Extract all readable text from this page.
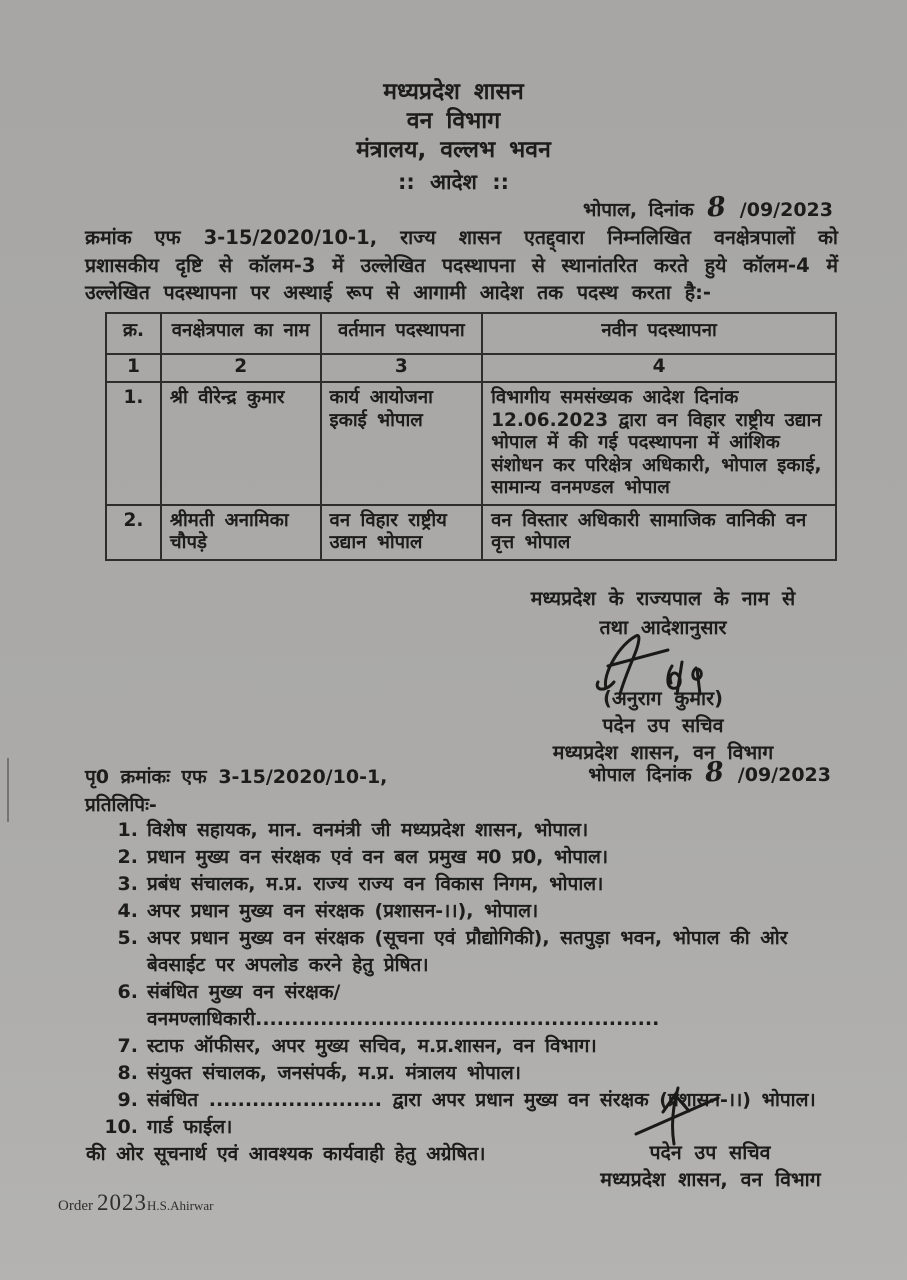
मध्यप्रदेश शासन
वन विभाग
मंत्रालय, वल्लभ भवन
:: आदेश ::
भोपाल, दिनांक 8 /09/2023
क्रमांक एफ 3-15/2020/10-1, राज्य शासन एतद्द्वारा निम्नलिखित वनक्षेत्रपालों को प्रशासकीय दृष्टि से कॉलम-3 में उल्लेखित पदस्थापना से स्थानांतरित करते हुये कॉलम-4 में उल्लेखित पदस्थापना पर अस्थाई रूप से आगामी आदेश तक पदस्थ करता है:-
क्र.	वनक्षेत्रपाल का नाम	वर्तमान पदस्थापना	नवीन पदस्थापना
1	2	3	4
1.	श्री वीरेन्द्र कुमार	कार्य आयोजना इकाई भोपाल	विभागीय समसंख्यक आदेश दिनांक 12.06.2023 द्वारा वन विहार राष्ट्रीय उद्यान भोपाल में की गई पदस्थापना में आंशिक संशोधन कर परिक्षेत्र अधिकारी, भोपाल इकाई, सामान्य वनमण्डल भोपाल
2.	श्रीमती अनामिका चौपड़े	वन विहार राष्ट्रीय उद्यान भोपाल	वन विस्तार अधिकारी सामाजिक वानिकी वन वृत्त भोपाल
मध्यप्रदेश के राज्यपाल के नाम से
तथा आदेशानुसार
(अनुराग कुमार)
पदेन उप सचिव
मध्यप्रदेश शासन, वन विभाग
पृ0 क्रमांकः एफ 3-15/2020/10-1,	भोपाल दिनांक 8 /09/2023
प्रतिलिपिः-
1. विशेष सहायक, मान. वनमंत्री जी मध्यप्रदेश शासन, भोपाल।
2. प्रधान मुख्य वन संरक्षक एवं वन बल प्रमुख म0 प्र0, भोपाल।
3. प्रबंध संचालक, म.प्र. राज्य राज्य वन विकास निगम, भोपाल।
4. अपर प्रधान मुख्य वन संरक्षक (प्रशासन-।।), भोपाल।
5. अपर प्रधान मुख्य वन संरक्षक (सूचना एवं प्रौद्योगिकी), सतपुड़ा भवन, भोपाल की ओर बेवसाईट पर अपलोड करने हेतु प्रेषित।
6. संबंधित मुख्य वन संरक्षक/वनमण्लाधिकारी........................................................
7. स्टाफ ऑफीसर, अपर मुख्य सचिव, म.प्र.शासन, वन विभाग।
8. संयुक्त संचालक, जनसंपर्क, म.प्र. मंत्रालय भोपाल।
9. संबंधित ........................ द्वारा अपर प्रधान मुख्य वन संरक्षक (प्रशासन-।।) भोपाल।
10. गार्ड फाईल।
की ओर सूचनार्थ एवं आवश्यक कार्यवाही हेतु अग्रेषित।	पदेन उप सचिव
मध्यप्रदेश शासन, वन विभाग
Order 2023H.S.Ahirwar
